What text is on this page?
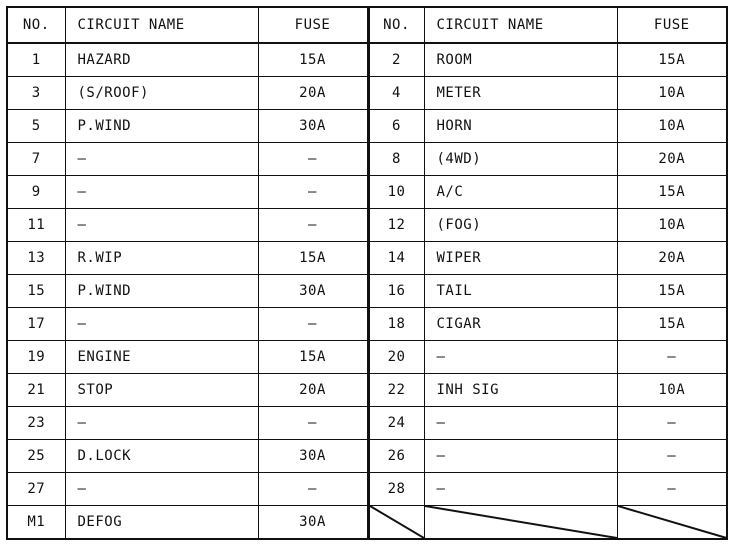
NO.	CIRCUIT NAME	FUSE	NO.	CIRCUIT NAME	FUSE
1	HAZARD	15A	2	ROOM	15A
3	(S/ROOF)	20A	4	METER	10A
5	P.WIND	30A	6	HORN	10A
7	–	–	8	(4WD)	20A
9	–	–	10	A/C	15A
11	–	–	12	(FOG)	10A
13	R.WIP	15A	14	WIPER	20A
15	P.WIND	30A	16	TAIL	15A
17	–	–	18	CIGAR	15A
19	ENGINE	15A	20	–	–
21	STOP	20A	22	INH SIG	10A
23	–	–	24	–	–
25	D.LOCK	30A	26	–	–
27	–	–	28	–	–
M1	DEFOG	30A	
